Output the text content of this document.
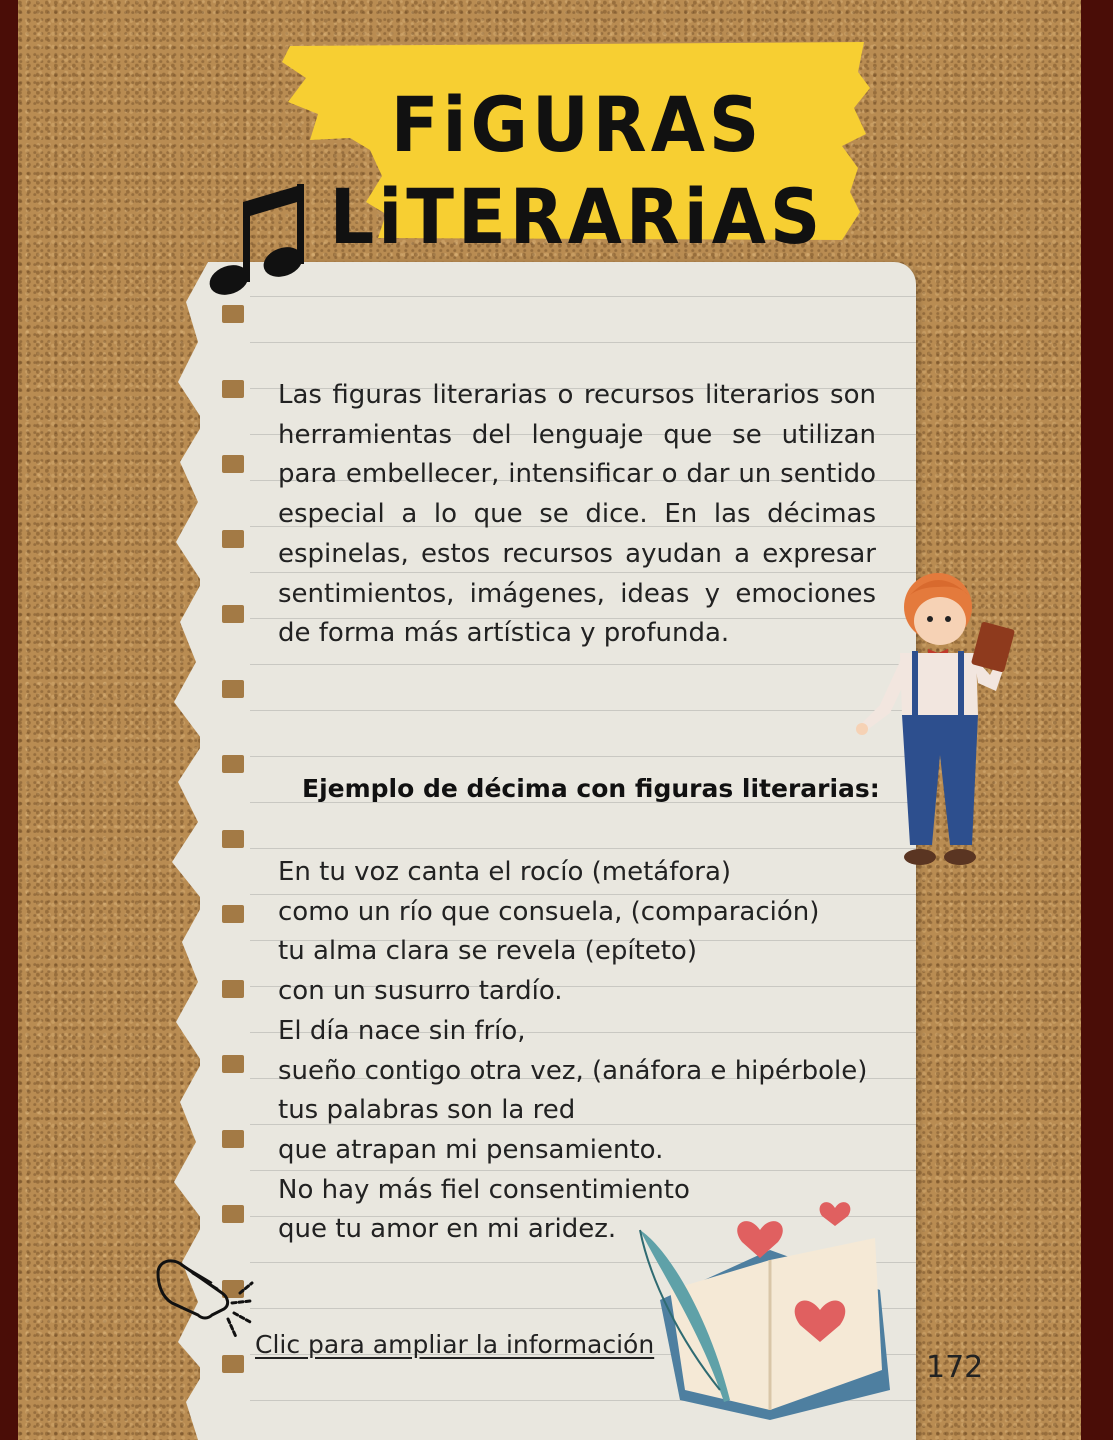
FiGURAS
LiTERARiAS

Las figuras literarias o recursos literarios son herramientas del lenguaje que se utilizan para embellecer, intensificar o dar un sentido especial a lo que se dice. En las décimas espinelas, estos recursos ayudan a expresar sentimientos, imágenes, ideas y emociones de forma más artística y profunda.

Ejemplo de décima con figuras literarias:
En tu voz canta el rocío (metáfora)
como un río que consuela, (comparación)
tu alma clara se revela (epíteto)
con un susurro tardío.
El día nace sin frío,
sueño contigo otra vez, (anáfora e hipérbole)
tus palabras son la red
que atrapan mi pensamiento.
No hay más fiel consentimiento
que tu amor en mi aridez.
Clic para ampliar la información
172
